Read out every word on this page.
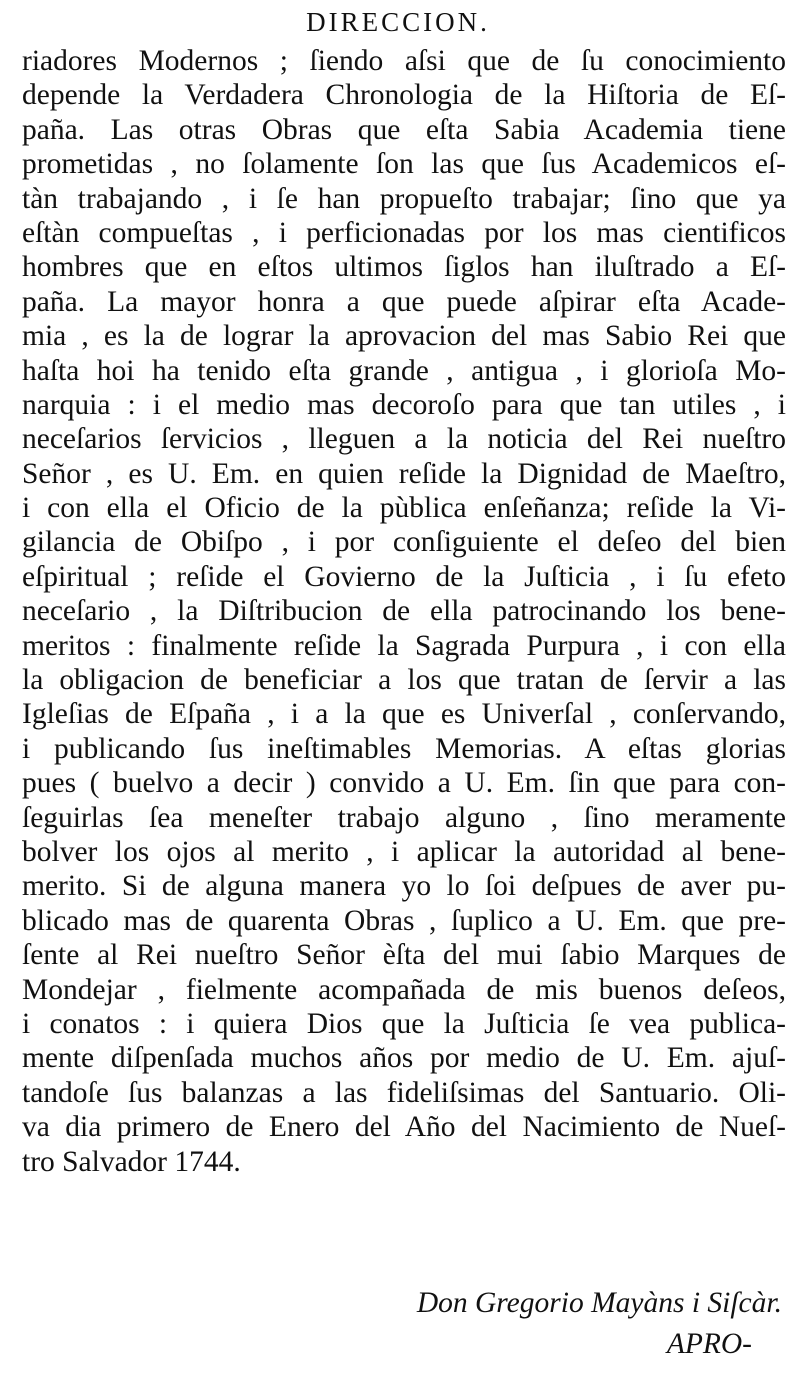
DIRECCION.
riadores Modernos ; ſiendo aſsi que de ſu conocimiento
depende la Verdadera Chronologia de la Hiſtoria de Eſ-
paña. Las otras Obras que eſta Sabia Academia tiene
prometidas , no ſolamente ſon las que ſus Academicos eſ-
tàn trabajando , i ſe han propueſto trabajar; ſino que ya
eſtàn compueſtas , i perficionadas por los mas cientificos
hombres que en eſtos ultimos ſiglos han iluſtrado a Eſ-
paña. La mayor honra a que puede aſpirar eſta Acade-
mia , es la de lograr la aprovacion del mas Sabio Rei que
haſta hoi ha tenido eſta grande , antigua , i glorioſa Mo-
narquia : i el medio mas decoroſo para que tan utiles , i
neceſarios ſervicios , lleguen a la noticia del Rei nueſtro
Señor , es U. Em. en quien reſide la Dignidad de Maeſtro,
i con ella el Oficio de la pùblica enſeñanza; reſide la Vi-
gilancia de Obiſpo , i por conſiguiente el deſeo del bien
eſpiritual ; reſide el Govierno de la Juſticia , i ſu efeto
neceſario , la Diſtribucion de ella patrocinando los bene-
meritos : finalmente reſide la Sagrada Purpura , i con ella
la obligacion de beneficiar a los que tratan de ſervir a las
Igleſias de Eſpaña , i a la que es Univerſal , conſervando,
i publicando ſus ineſtimables Memorias. A eſtas glorias
pues ( buelvo a decir ) convido a U. Em. ſin que para con-
ſeguirlas ſea meneſter trabajo alguno , ſino meramente
bolver los ojos al merito , i aplicar la autoridad al bene-
merito. Si de alguna manera yo lo ſoi deſpues de aver pu-
blicado mas de quarenta Obras , ſuplico a U. Em. que pre-
ſente al Rei nueſtro Señor èſta del mui ſabio Marques de
Mondejar , fielmente acompañada de mis buenos deſeos,
i conatos : i quiera Dios que la Juſticia ſe vea publica-
mente diſpenſada muchos años por medio de U. Em. ajuſ-
tandoſe ſus balanzas a las fideliſsimas del Santuario. Oli-
va dia primero de Enero del Año del Nacimiento de Nueſ-
tro Salvador 1744.
Don Gregorio Mayàns i Siſcàr.
APRO-
